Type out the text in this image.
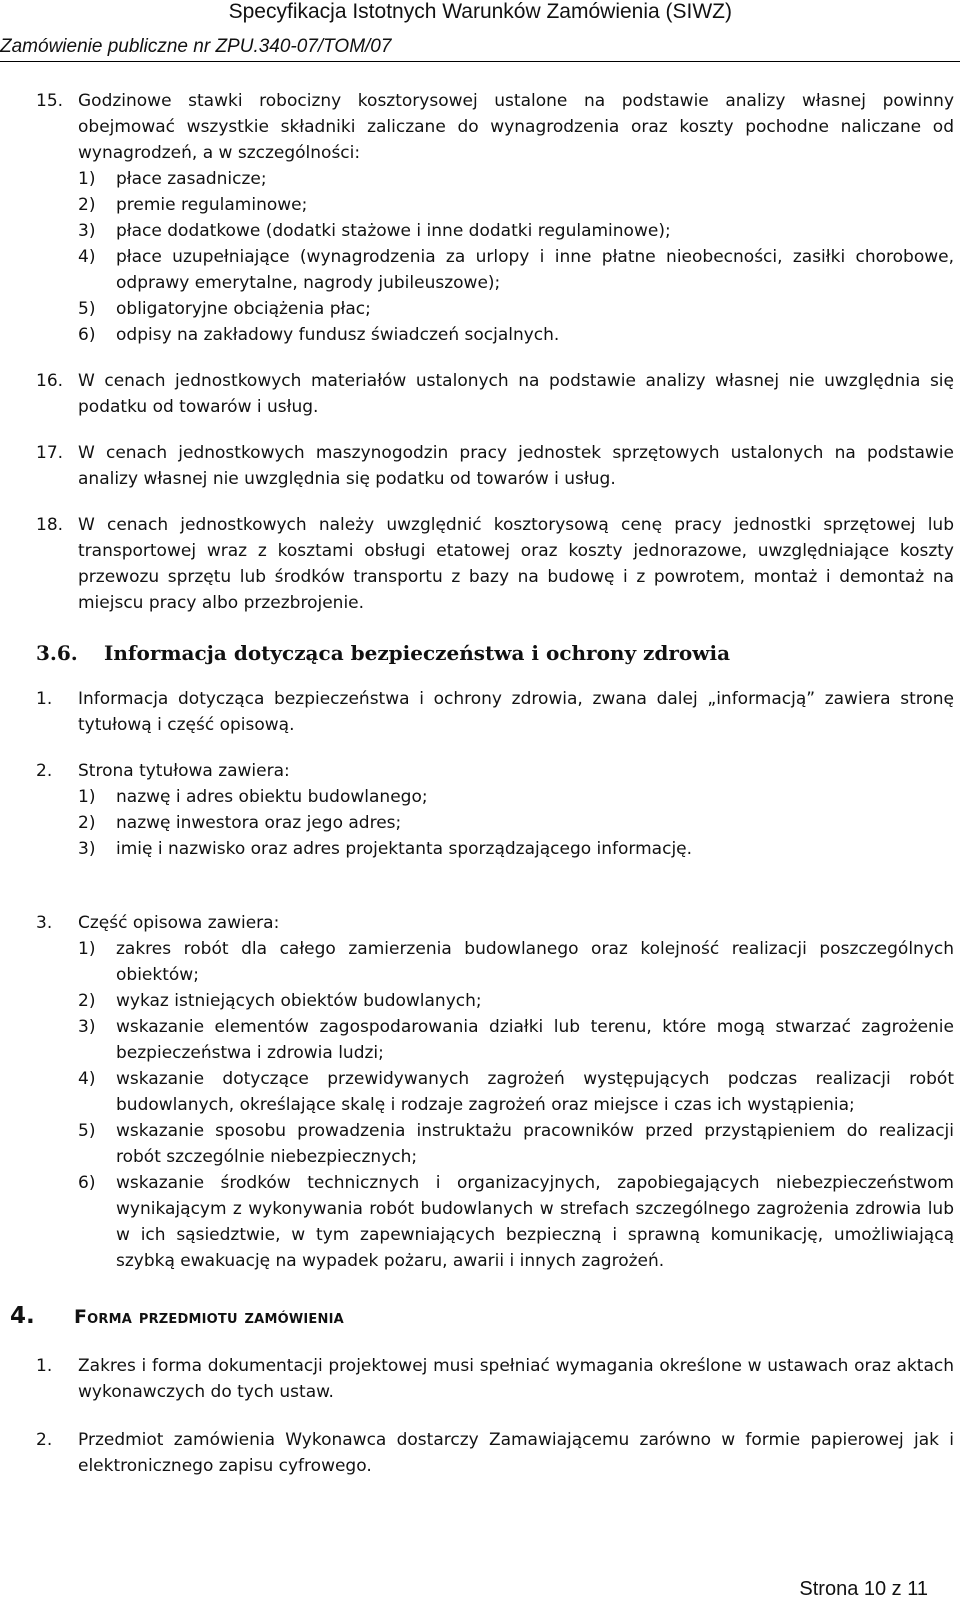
Specyfikacja Istotnych Warunków Zamówienia (SIWZ)
Zamówienie publiczne nr ZPU.340-07/TOM/07
15. Godzinowe stawki robocizny kosztorysowej ustalone na podstawie analizy własnej powinny obejmować wszystkie składniki zaliczane do wynagrodzenia oraz koszty pochodne naliczane od wynagrodzeń, a w szczególności:
1)	płace zasadnicze;
2)	premie regulaminowe;
3)	płace dodatkowe (dodatki stażowe i inne dodatki regulaminowe);
4)	płace uzupełniające (wynagrodzenia za urlopy i inne płatne nieobecności, zasiłki chorobowe, odprawy emerytalne, nagrody jubileuszowe);
5)	obligatoryjne obciążenia płac;
6)	odpisy na zakładowy fundusz świadczeń socjalnych.
16. W cenach jednostkowych materiałów ustalonych na podstawie analizy własnej nie uwzględnia się podatku od towarów i usług.
17. W cenach jednostkowych maszynogodzin pracy jednostek sprzętowych ustalonych na podstawie analizy własnej nie uwzględnia się podatku od towarów i usług.
18. W cenach jednostkowych należy uwzględnić kosztorysową cenę pracy jednostki sprzętowej lub transportowej wraz z kosztami obsługi etatowej oraz koszty jednorazowe, uwzględniające koszty przewozu sprzętu lub środków transportu z bazy na budowę i z powrotem, montaż i demontaż na miejscu pracy albo przezbrojenie.
3.6.	Informacja dotycząca bezpieczeństwa i ochrony zdrowia
1.	Informacja dotycząca bezpieczeństwa i ochrony zdrowia, zwana dalej „informacją” zawiera stronę tytułową i część opisową.
2.	Strona tytułowa zawiera:
1)	nazwę i adres obiektu budowlanego;
2)	nazwę inwestora oraz jego adres;
3)	imię i nazwisko oraz adres projektanta sporządzającego informację.
3.	Część opisowa zawiera:
1)	zakres robót dla całego zamierzenia budowlanego oraz kolejność realizacji poszczególnych obiektów;
2)	wykaz istniejących obiektów budowlanych;
3)	wskazanie elementów zagospodarowania działki lub terenu, które mogą stwarzać zagrożenie bezpieczeństwa i zdrowia ludzi;
4)	wskazanie dotyczące przewidywanych zagrożeń występujących podczas realizacji robót budowlanych, określające skalę i rodzaje zagrożeń oraz miejsce i czas ich wystąpienia;
5)	wskazanie sposobu prowadzenia instruktażu pracowników przed przystąpieniem do realizacji robót szczególnie niebezpiecznych;
6)	wskazanie środków technicznych i organizacyjnych, zapobiegających niebezpieczeństwom wynikającym z wykonywania robót budowlanych w strefach szczególnego zagrożenia zdrowia lub w ich sąsiedztwie, w tym zapewniających bezpieczną i sprawną komunikację, umożliwiającą szybką ewakuację na wypadek pożaru, awarii i innych zagrożeń.
4.	Forma przedmiotu zamówienia
1.	Zakres i forma dokumentacji projektowej musi spełniać wymagania określone w ustawach oraz aktach wykonawczych do tych ustaw.
2.	Przedmiot zamówienia Wykonawca dostarczy Zamawiającemu zarówno w formie papierowej jak i elektronicznego zapisu cyfrowego.
Strona 10 z 11
